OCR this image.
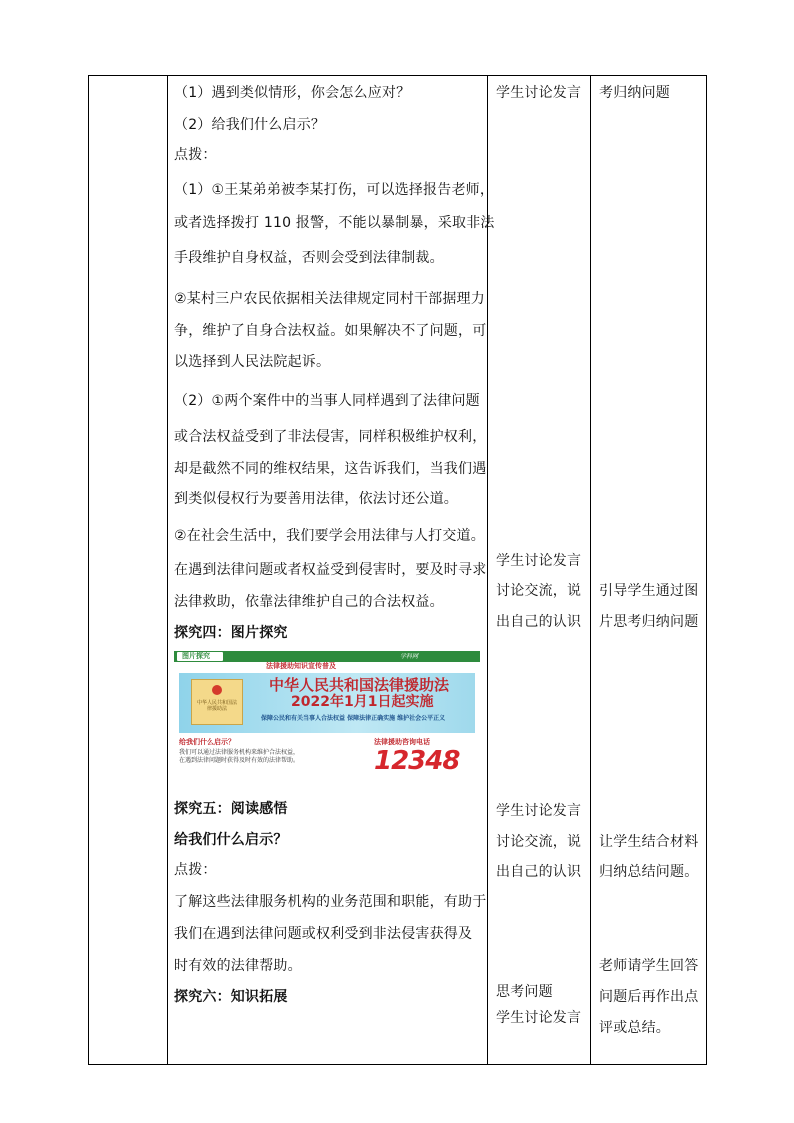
（1）遇到类似情形，你会怎么应对？
（2）给我们什么启示？
点拨：
（1）①王某弟弟被李某打伤，可以选择报告老师，
或者选择拨打 110 报警，不能以暴制暴，采取非法
手段维护自身权益，否则会受到法律制裁。
②某村三户农民依据相关法律规定同村干部据理力
争，维护了自身合法权益。如果解决不了问题，可
以选择到人民法院起诉。
（2）①两个案件中的当事人同样遇到了法律问题
或合法权益受到了非法侵害，同样积极维护权利，
却是截然不同的维权结果，这告诉我们，当我们遇
到类似侵权行为要善用法律，依法讨还公道。
②在社会生活中，我们要学会用法律与人打交道。
在遇到法律问题或者权益受到侵害时，要及时寻求
法律救助，依靠法律维护自己的合法权益。
探究四：图片探究
图片探究	学科网
法律援助知识宣传普及
中华人民共和国法律援助法
中华人民共和国法律援助法
2022年1月1日起实施
保障公民和有关当事人合法权益 保障法律正确实施 维护社会公平正义
给我们什么启示？
我们可以通过法律服务机构来维护合法权益，
在遇到法律问题时获得及时有效的法律帮助。
法律援助咨询电话
12348
探究五：阅读感悟
给我们什么启示？
点拨：
了解这些法律服务机构的业务范围和职能，有助于
我们在遇到法律问题或权利受到非法侵害获得及
时有效的法律帮助。
探究六：知识拓展
学生讨论发言
学生讨论发言
讨论交流，说
出自己的认识
学生讨论发言
讨论交流，说
出自己的认识
思考问题
学生讨论发言
考归纳问题
引导学生通过图
片思考归纳问题
让学生结合材料
归纳总结问题。
老师请学生回答
问题后再作出点
评或总结。
